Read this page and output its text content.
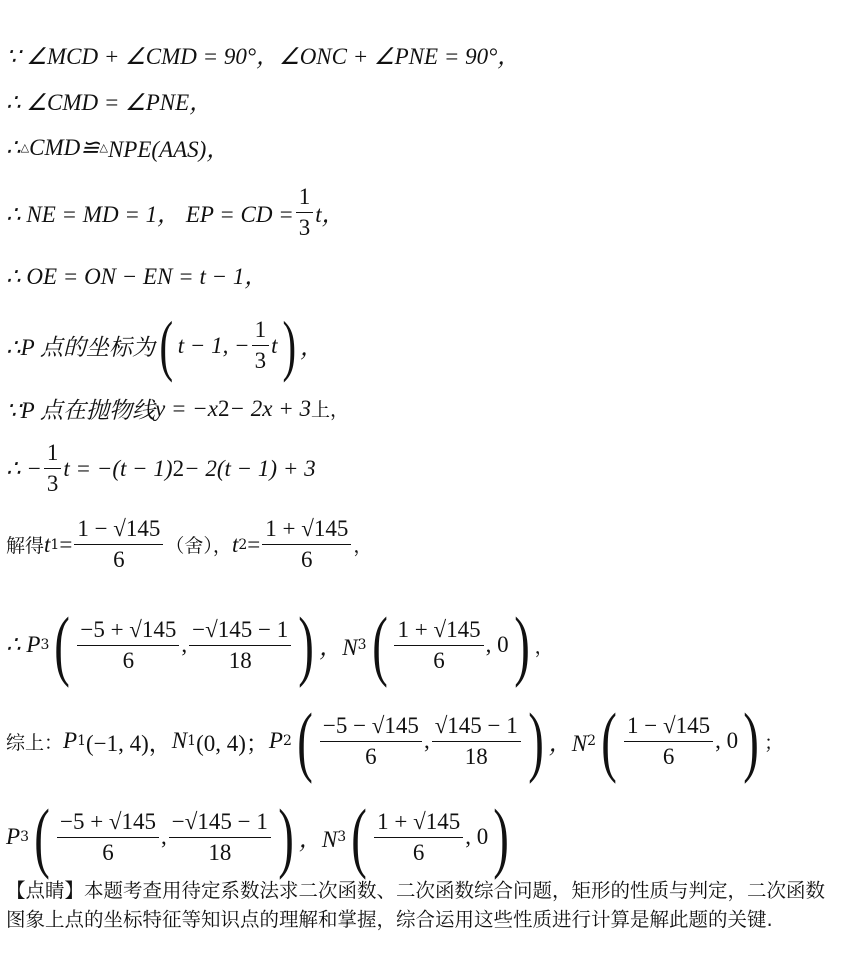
∵ ∠MCD + ∠CMD = 90°，∠ONC + ∠PNE = 90°，
∴ ∠CMD = ∠PNE，
∴ △ CMD≌ △ NPE(AAS)，
∴ NE = MD = 1， EP = CD = $\frac{1}{3}$ t，
∴ OE = ON − EN = t − 1，
∴P 点的坐标为 ( t − 1, − $\frac{1}{3}$ t ) ，
∵P 点在抛物线 y = −x 2 − 2x + 3 上，
∴ − $\frac{1}{3}$ t = −(t − 1) 2 − 2(t − 1) + 3
解得 t $1 = \frac{1 - √145}{6}$ （舍）， t $2 = \frac{1 + √145}{6}$ ，
∴ P 3 ( $\frac{-5 + √145}{6}$ , $\frac{-√145 - 1}{18}$ ) ，N 3 ( $\frac{1 + √145}{6}$ , 0 ) ，
综上： P 1 (−1, 4)， N 1 (0, 4)； P 2 ( $\frac{-5 - √145}{6}$ , $\frac{√145 - 1}{18}$ ) ，N 2 ( $\frac{1 - √145}{6}$ , 0 ) ；
P 3 ( $\frac{-5 + √145}{6}$ , $\frac{-√145 - 1}{18}$ ) ，N 3 ( $\frac{1 + √145}{6}$ , 0 )
【点睛】本题考查用待定系数法求二次函数、二次函数综合问题，矩形的性质与判定，二次函数图象上点的坐标特征等知识点的理解和掌握，综合运用这些性质进行计算是解此题的关键.
